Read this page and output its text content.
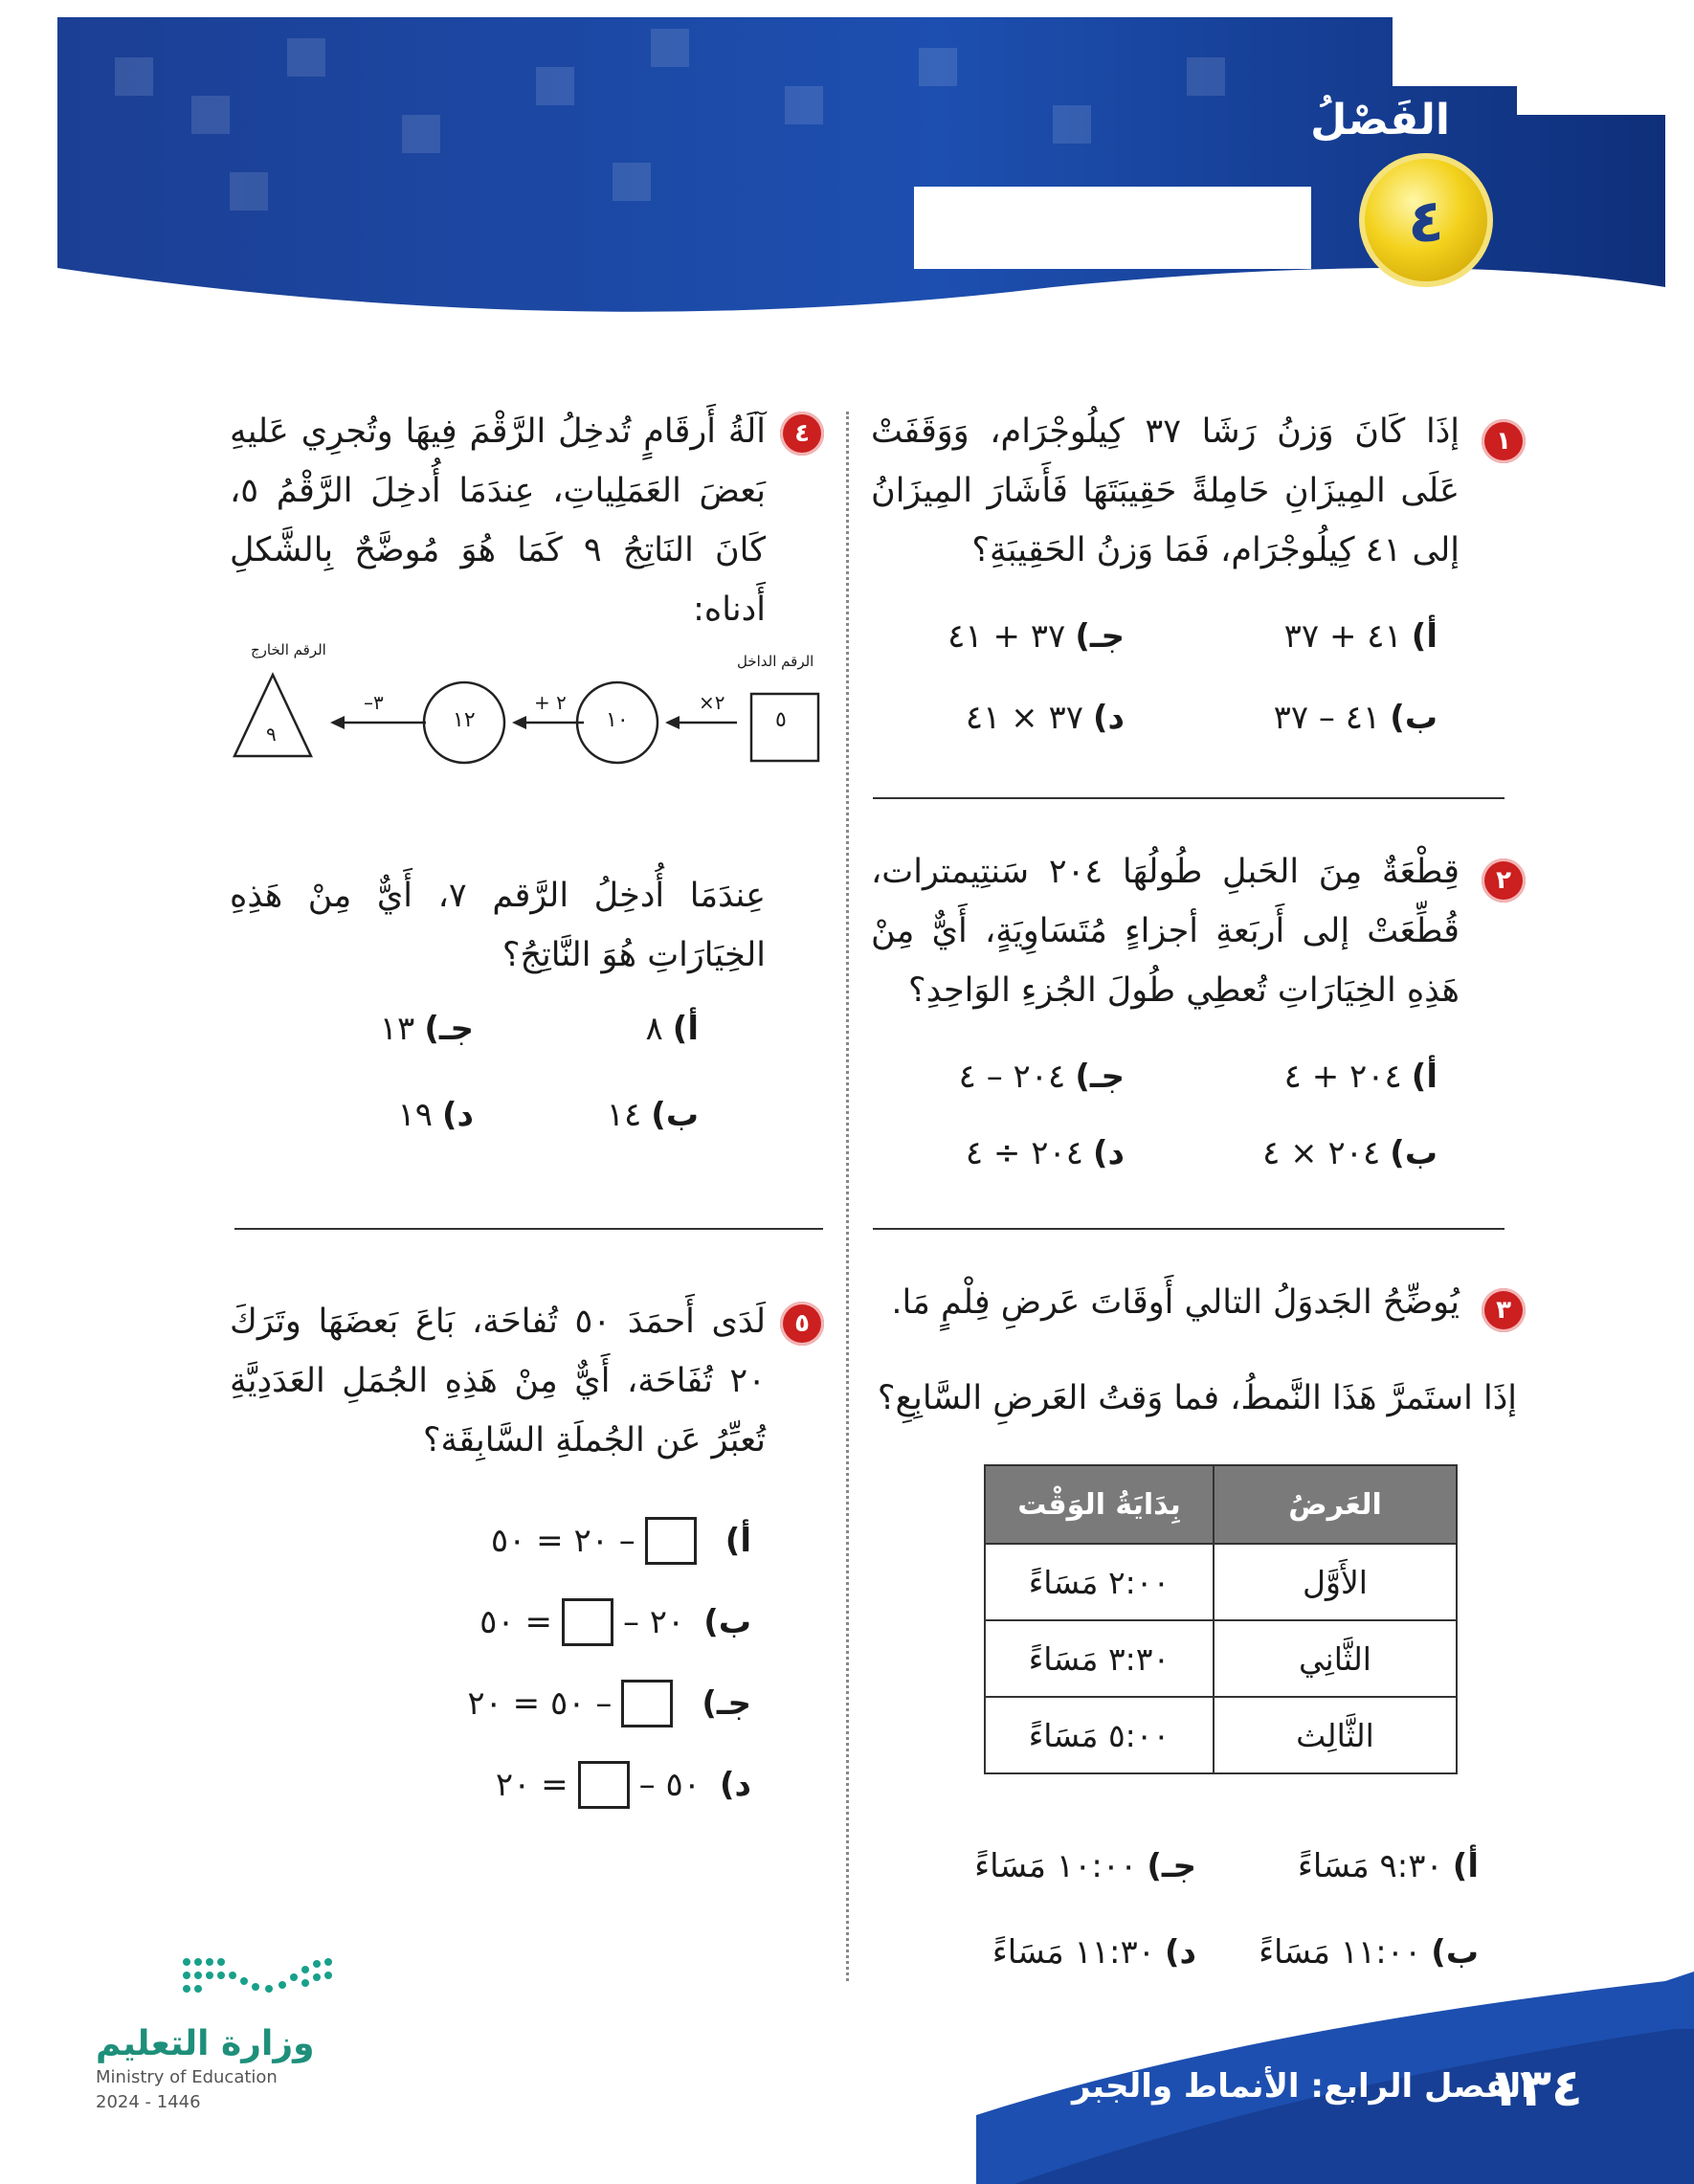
الفَصْلُ
٤
١
إذَا كَانَ وَزنُ رَشَا ٣٧ كِيلُوجْرَام، وَوَقَفَتْ عَلَى المِيزَانِ حَامِلةً حَقِيبَتَهَا فَأَشَارَ المِيزَانُ إلى ٤١ كِيلُوجْرَام، فَمَا وَزنُ الحَقِيبَةِ؟
أ)٤١ + ٣٧
جـ)٣٧ + ٤١
ب)٤١ – ٣٧
د)٣٧ × ٤١
٢
قِطْعَةٌ مِنَ الحَبلِ طُولُهَا ٢٠٤ سَنتِيمترات، قُطِّعَتْ إلى أَربَعةِ أجزاءٍ مُتَسَاوِيَةٍ، أَيٌّ مِنْ هَذِهِ الخِيَارَاتِ تُعطِي طُولَ الجُزءِ الوَاحِدِ؟
أ)٢٠٤ + ٤
جـ)٢٠٤ – ٤
ب)٢٠٤ × ٤
د)٢٠٤ ÷ ٤
٣
يُوضِّحُ الجَدوَلُ التالي أَوقَاتَ عَرضِ فِلْمٍ مَا.
إذَا استَمرَّ هَذَا النَّمطُ، فما وَقتُ العَرضِ السَّابِعِ؟
العَرضُ	بِدَايَةُ الوَقْت
الأَوَّل	٢:٠٠ مَسَاءً
الثَّانِي	٣:٣٠ مَسَاءً
الثَّالِث	٥:٠٠ مَسَاءً
أ)٩:٣٠ مَسَاءً
جـ)١٠:٠٠ مَسَاءً
ب)١١:٠٠ مَسَاءً
د)١١:٣٠ مَسَاءً
٤
آلَةُ أَرقَامٍ تُدخِلُ الرَّقْمَ فِيهَا وتُجرِي عَليهِ بَعضَ العَمَلِياتِ، عِندَمَا أُدخِلَ الرَّقْمُ ٥، كَانَ النَاتِجُ ٩ كَمَا هُوَ مُوضَّحٌ بِالشَّكلِ أَدناه:
الرقم الداخل
الرقم الخارج
٥
×٢
١٠
+ ٢
١٢
–٣
٩
عِندَمَا أُدخِلُ الرَّقم ٧، أَيٌّ مِنْ هَذِهِ الخِيَارَاتِ هُوَ النَّاتِجُ؟
أ)٨
جـ)١٣
ب)١٤
د)١٩
٥
لَدَى أَحمَدَ ٥٠ تُفاحَة، بَاعَ بَعضَهَا وتَرَكَ ٢٠ تُفَاحَة، أَيٌّ مِنْ هَذِهِ الجُمَلِ العَدَدِيَّةِ تُعبِّرُ عَن الجُملَةِ السَّابِقَة؟
أ)
– ٢٠ = ٥٠
ب)
٢٠ –
= ٥٠
جـ)
– ٥٠ = ٢٠
د)
٥٠ –
= ٢٠
١٣٤
الفصل الرابع: الأنماط والجبر
وزارة التعليم
Ministry of Education
2024 - 1446
